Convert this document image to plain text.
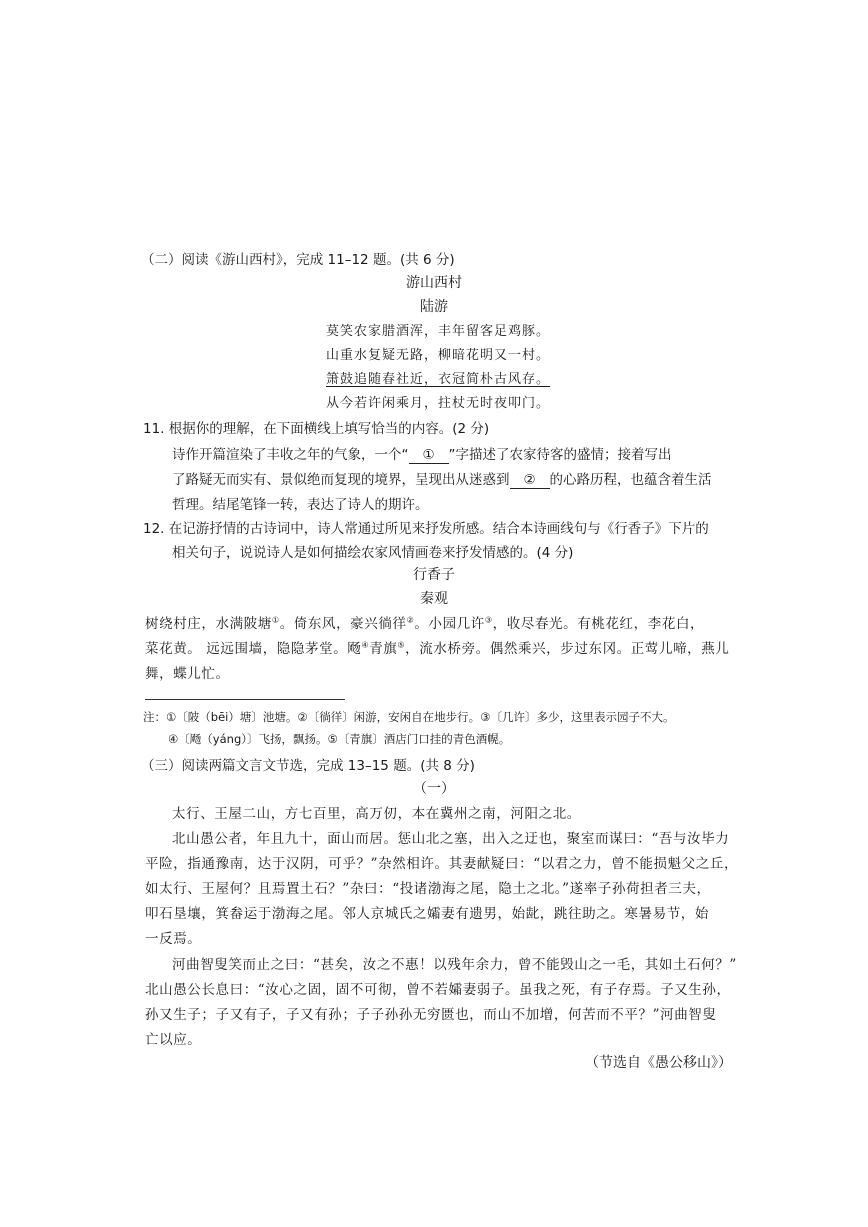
（二）阅读《游山西村》，完成 11–12 题。(共 6 分)
游山西村
陆游
莫笑农家腊酒浑，丰年留客足鸡豚。
山重水复疑无路，柳暗花明又一村。
箫鼓追随春社近，衣冠简朴古风存。
从今若许闲乘月，拄杖无时夜叩门。
11. 根据你的理解，在下面横线上填写恰当的内容。(2 分)
诗作开篇渲染了丰收之年的气象，一个“ ① ”字描述了农家待客的盛情；接着写出
了路疑无而实有、景似绝而复现的境界，呈现出从迷惑到 ② 的心路历程，也蕴含着生活
哲理。结尾笔锋一转，表达了诗人的期许。
12. 在记游抒情的古诗词中，诗人常通过所见来抒发所感。结合本诗画线句与《行香子》下片的
相关句子，说说诗人是如何描绘农家风情画卷来抒发情感的。(4 分)
行香子
秦观
树绕村庄，水满陂塘①。倚东风，豪兴徜徉②。小园几许③，收尽春光。有桃花红，李花白，
菜花黄。 远远围墙，隐隐茅堂。飏④青旗⑤，流水桥旁。偶然乘兴，步过东冈。正莺儿啼，燕儿
舞，蝶儿忙。
注：①〔陂（bēi）塘〕池塘。②〔徜徉〕闲游，安闲自在地步行。③〔几许〕多少，这里表示园子不大。
④〔飏（yáng）〕飞扬，飘扬。⑤〔青旗〕酒店门口挂的青色酒幌。
（三）阅读两篇文言文节选，完成 13–15 题。(共 8 分)
（一）
太行、王屋二山，方七百里，高万仞，本在冀州之南，河阳之北。
北山愚公者，年且九十，面山而居。惩山北之塞，出入之迂也，聚室而谋曰：“吾与汝毕力
平险，指通豫南，达于汉阴，可乎？”杂然相许。其妻献疑曰：“以君之力，曾不能损魁父之丘，
如太行、王屋何？且焉置土石？”杂曰：“投诸渤海之尾，隐土之北。”遂率子孙荷担者三夫，
叩石垦壤，箕畚运于渤海之尾。邻人京城氏之孀妻有遗男，始龀，跳往助之。寒暑易节，始
一反焉。
河曲智叟笑而止之曰：“甚矣，汝之不惠！以残年余力，曾不能毁山之一毛，其如土石何？”
北山愚公长息曰：“汝心之固，固不可彻，曾不若孀妻弱子。虽我之死，有子存焉。子又生孙，
孙又生子；子又有子，子又有孙；子子孙孙无穷匮也，而山不加增，何苦而不平？”河曲智叟
亡以应。
（节选自《愚公移山》）
